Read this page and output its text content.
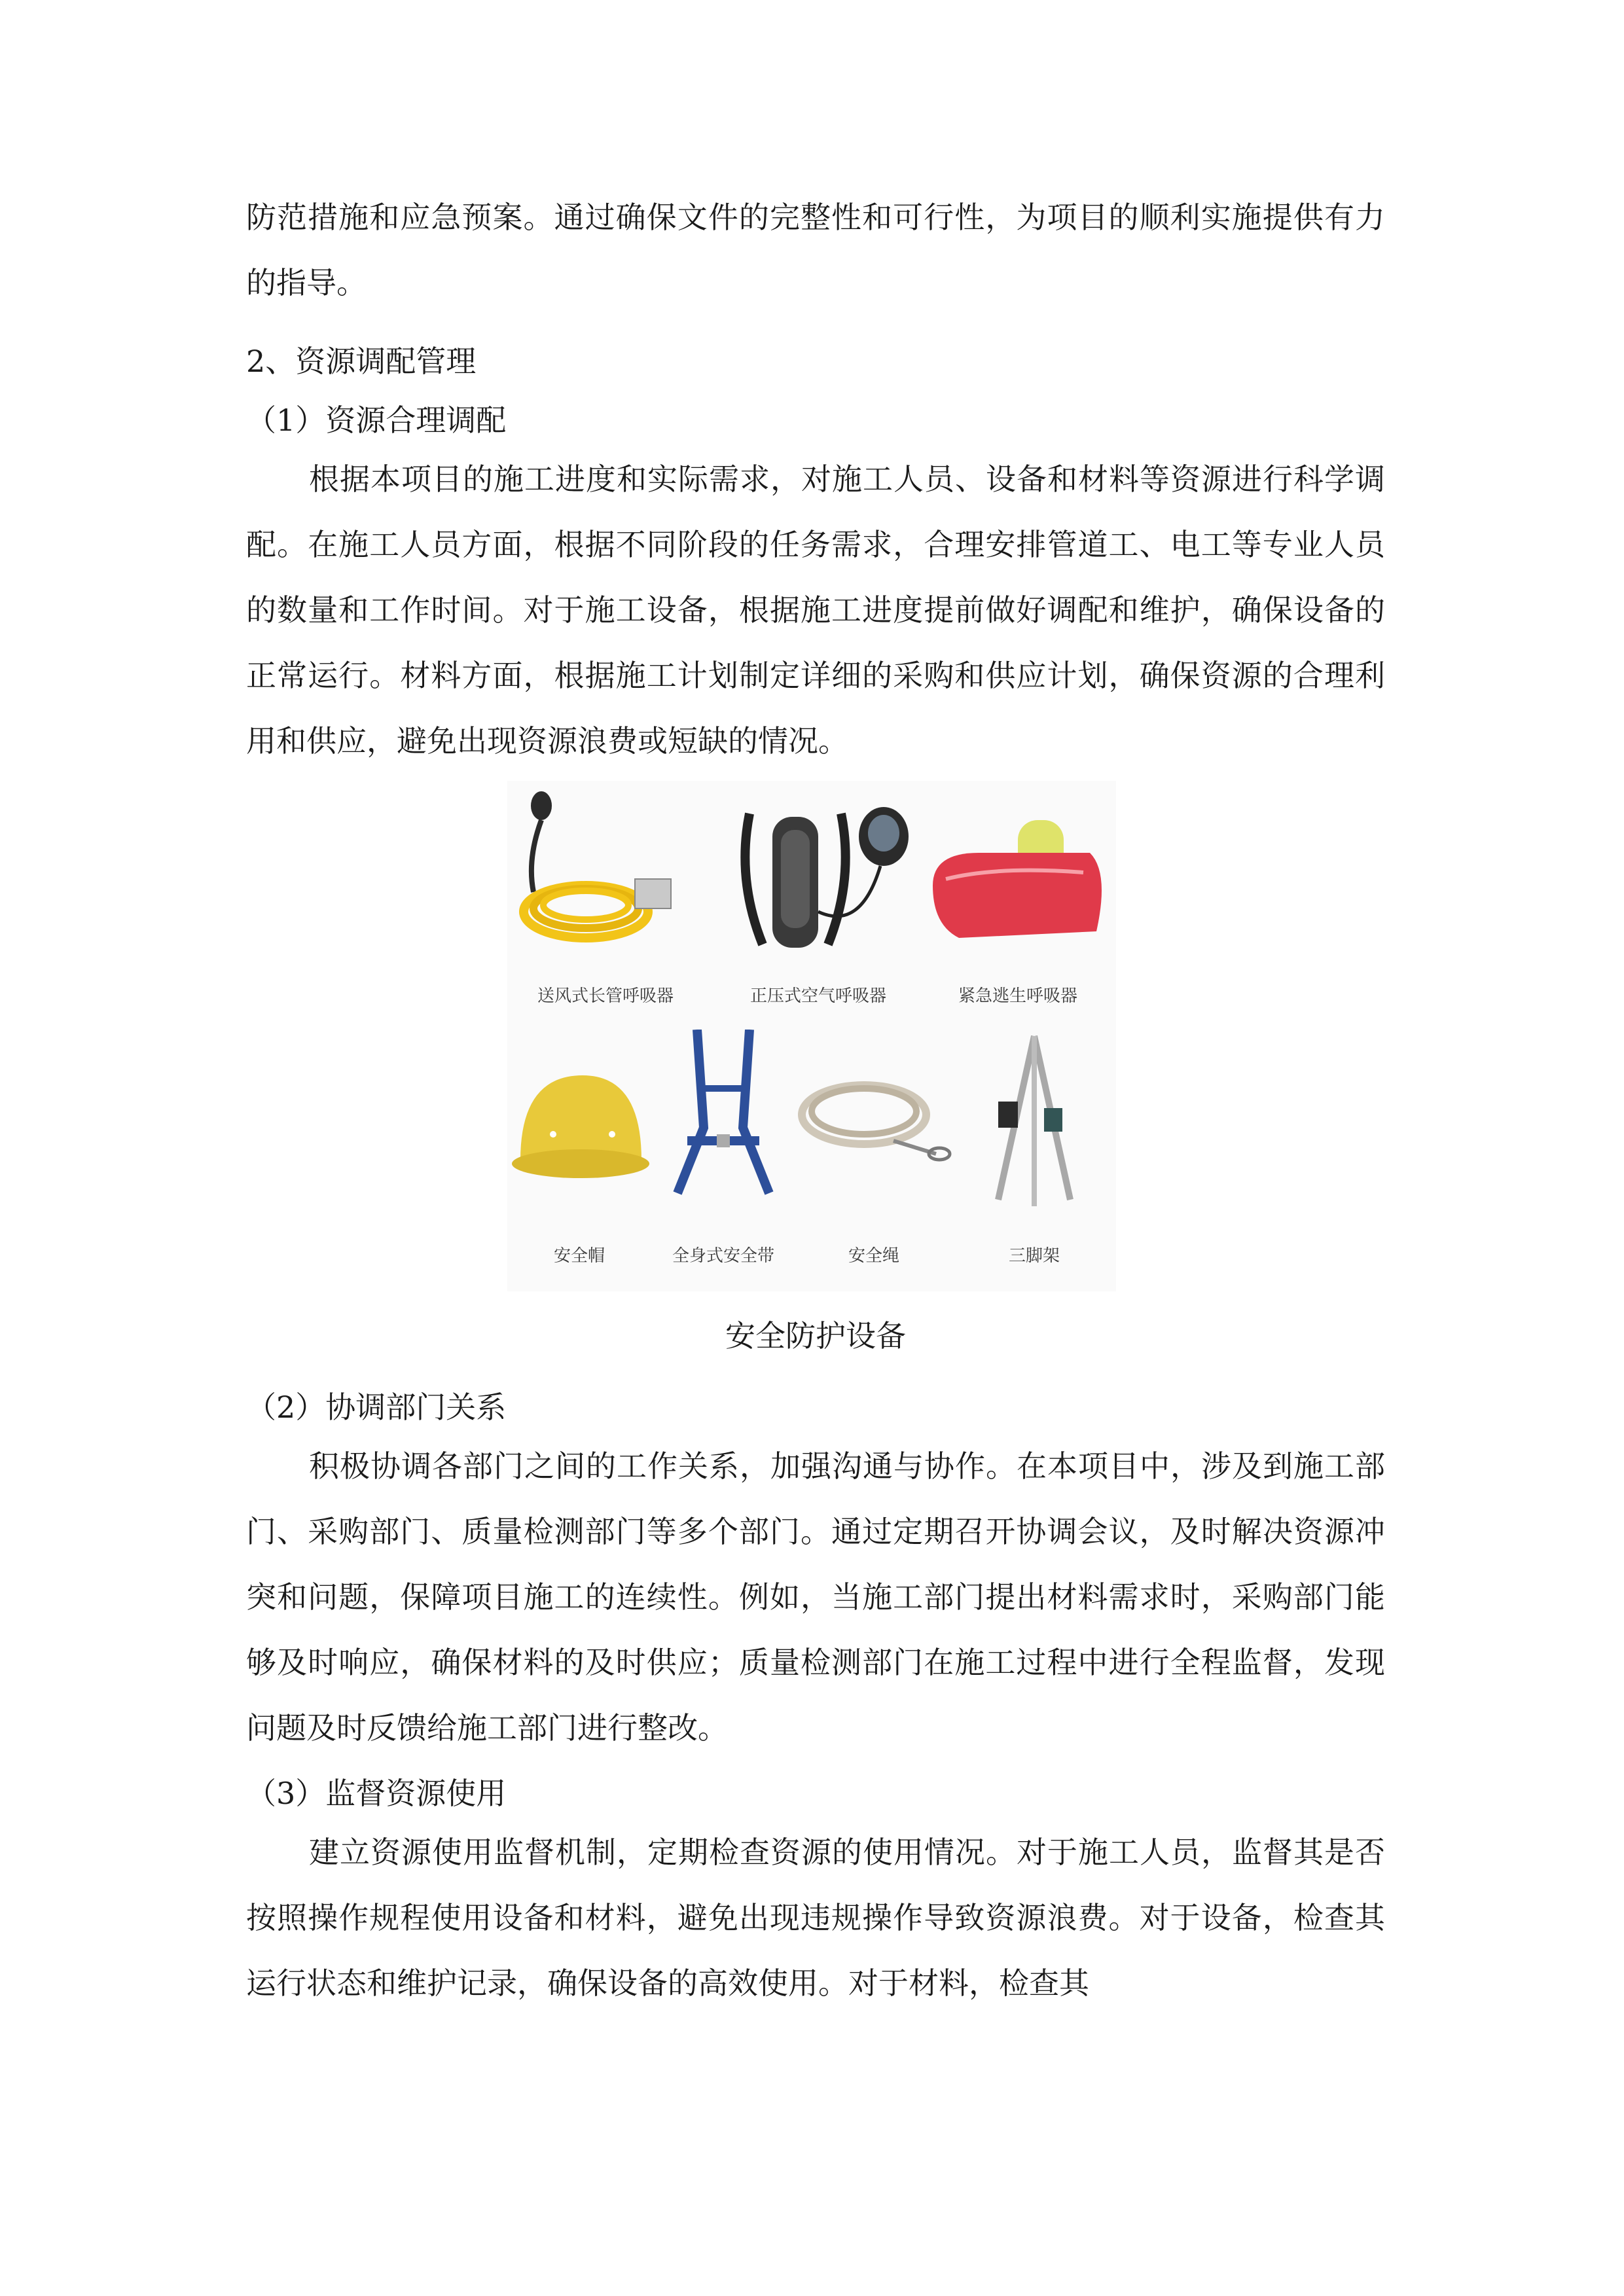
防范措施和应急预案。通过确保文件的完整性和可行性，为项目的顺利实施提供有力的指导。

2、资源调配管理

（1）资源合理调配

根据本项目的施工进度和实际需求，对施工人员、设备和材料等资源进行科学调配。在施工人员方面，根据不同阶段的任务需求，合理安排管道工、电工等专业人员的数量和工作时间。对于施工设备，根据施工进度提前做好调配和维护，确保设备的正常运行。材料方面，根据施工计划制定详细的采购和供应计划，确保资源的合理利用和供应，避免出现资源浪费或短缺的情况。

送风式长管呼吸器	正压式空气呼吸器	紧急逃生呼吸器
安全帽	全身式安全带	安全绳	三脚架

安全防护设备

（2）协调部门关系

积极协调各部门之间的工作关系，加强沟通与协作。在本项目中，涉及到施工部门、采购部门、质量检测部门等多个部门。通过定期召开协调会议，及时解决资源冲突和问题，保障项目施工的连续性。例如，当施工部门提出材料需求时，采购部门能够及时响应，确保材料的及时供应；质量检测部门在施工过程中进行全程监督，发现问题及时反馈给施工部门进行整改。

（3）监督资源使用

建立资源使用监督机制，定期检查资源的使用情况。对于施工人员，监督其是否按照操作规程使用设备和材料，避免出现违规操作导致资源浪费。对于设备，检查其运行状态和维护记录，确保设备的高效使用。对于材料，检查其
